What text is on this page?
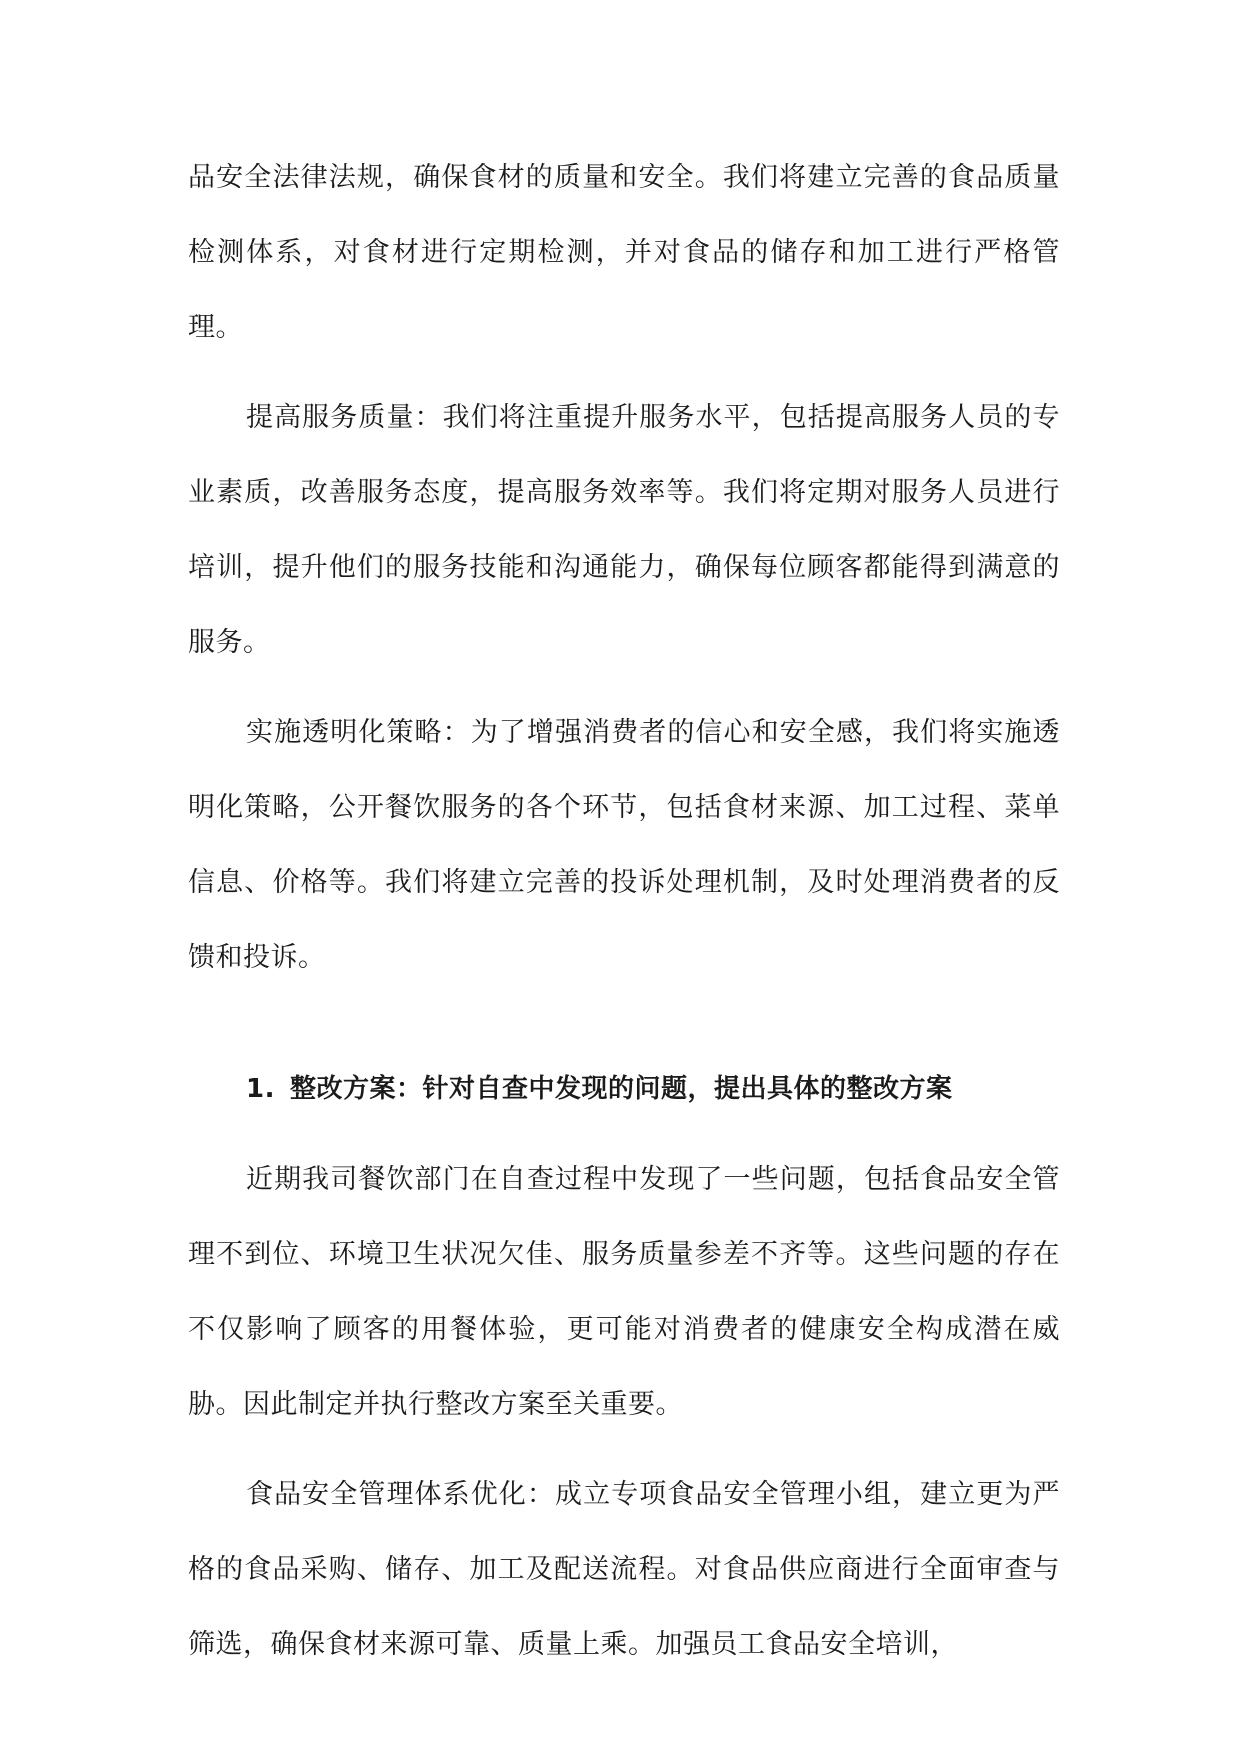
品安全法律法规，确保食材的质量和安全。我们将建立完善的食品质量检测体系，对食材进行定期检测，并对食品的储存和加工进行严格管理。

提高服务质量：我们将注重提升服务水平，包括提高服务人员的专业素质，改善服务态度，提高服务效率等。我们将定期对服务人员进行培训，提升他们的服务技能和沟通能力，确保每位顾客都能得到满意的服务。

实施透明化策略：为了增强消费者的信心和安全感，我们将实施透明化策略，公开餐饮服务的各个环节，包括食材来源、加工过程、菜单信息、价格等。我们将建立完善的投诉处理机制，及时处理消费者的反馈和投诉。

1. 整改方案：针对自查中发现的问题，提出具体的整改方案

近期我司餐饮部门在自查过程中发现了一些问题，包括食品安全管理不到位、环境卫生状况欠佳、服务质量参差不齐等。这些问题的存在不仅影响了顾客的用餐体验，更可能对消费者的健康安全构成潜在威胁。因此制定并执行整改方案至关重要。

食品安全管理体系优化：成立专项食品安全管理小组，建立更为严格的食品采购、储存、加工及配送流程。对食品供应商进行全面审查与筛选，确保食材来源可靠、质量上乘。加强员工食品安全培训，
